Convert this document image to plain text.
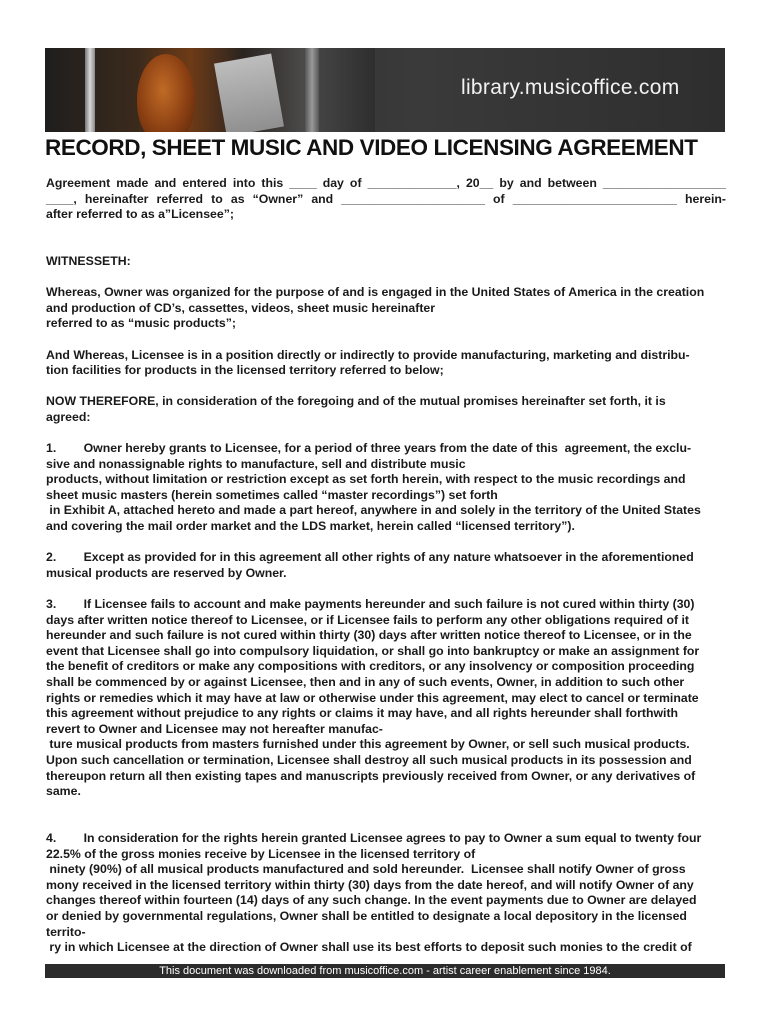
library.musicoffice.com
RECORD, SHEET MUSIC AND VIDEO LICENSING AGREEMENT
Agreement made and entered into this ____ day of _____________, 20__ by and between __________________
____, hereinafter referred to as “Owner” and _____________________ of ________________________ herein-
after referred to as a”Licensee”;
WITNESSETH:
Whereas, Owner was organized for the purpose of and is engaged in the United States of America in the creation
and production of CD’s, cassettes, videos, sheet music hereinafter
referred to as “music products”;
And Whereas, Licensee is in a position directly or indirectly to provide manufacturing, marketing and distribu-
tion facilities for products in the licensed territory referred to below;
NOW THEREFORE, in consideration of the foregoing and of the mutual promises hereinafter set forth, it is
agreed:
1.        Owner hereby grants to Licensee, for a period of three years from the date of this  agreement, the exclu-
sive and nonassignable rights to manufacture, sell and distribute music
products, without limitation or restriction except as set forth herein, with respect to the music recordings and
sheet music masters (herein sometimes called “master recordings”) set forth
in Exhibit A, attached hereto and made a part hereof, anywhere in and solely in the territory of the United States
and covering the mail order market and the LDS market, herein called “licensed territory”).
2.        Except as provided for in this agreement all other rights of any nature whatsoever in the aforementioned
musical products are reserved by Owner.
3.        If Licensee fails to account and make payments hereunder and such failure is not cured within thirty (30)
days after written notice thereof to Licensee, or if Licensee fails to perform any other obligations required of it
hereunder and such failure is not cured within thirty (30) days after written notice thereof to Licensee, or in the
event that Licensee shall go into compulsory liquidation, or shall go into bankruptcy or make an assignment for
the benefit of creditors or make any compositions with creditors, or any insolvency or composition proceeding
shall be commenced by or against Licensee, then and in any of such events, Owner, in addition to such other
rights or remedies which it may have at law or otherwise under this agreement, may elect to cancel or terminate
this agreement without prejudice to any rights or claims it may have, and all rights hereunder shall forthwith
revert to Owner and Licensee may not hereafter manufac-
ture musical products from masters furnished under this agreement by Owner, or sell such musical products.
Upon such cancellation or termination, Licensee shall destroy all such musical products in its possession and
thereupon return all then existing tapes and manuscripts previously received from Owner, or any derivatives of
same.
4.        In consideration for the rights herein granted Licensee agrees to pay to Owner a sum equal to twenty four
22.5% of the gross monies receive by Licensee in the licensed territory of
ninety (90%) of all musical products manufactured and sold hereunder.  Licensee shall notify Owner of gross
mony received in the licensed territory within thirty (30) days from the date hereof, and will notify Owner of any
changes thereof within fourteen (14) days of any such change. In the event payments due to Owner are delayed
or denied by governmental regulations, Owner shall be entitled to designate a local depository in the licensed
territo-
ry in which Licensee at the direction of Owner shall use its best efforts to deposit such monies to the credit of
This document was downloaded from musicoffice.com - artist career enablement since 1984.
